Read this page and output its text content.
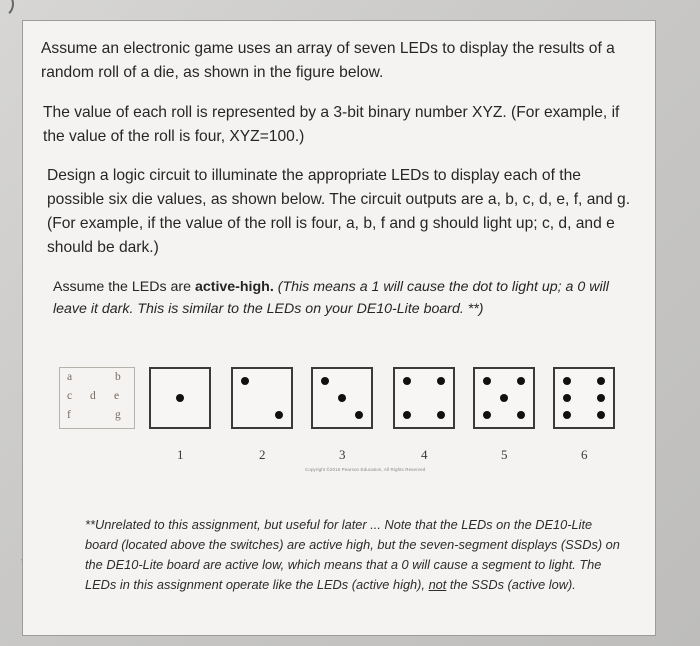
Assume an electronic game uses an array of seven LEDs to display the results of a random roll of a die, as shown in the figure below.

The value of each roll is represented by a 3-bit binary number XYZ. (For example, if the value of the roll is four, XYZ=100.)

Design a logic circuit to illuminate the appropriate LEDs to display each of the possible six die values, as shown below. The circuit outputs are a, b, c, d, e, f, and g. (For example, if the value of the roll is four, a, b, f and g should light up; c, d, and e should be dark.)

Assume the LEDs are active-high. (This means a 1 will cause the dot to light up; a 0 will leave it dark. This is similar to the LEDs on your DE10-Lite board. **)

a	b
c d e
f	g
1	2	3	4	5	6
Copyright ©2016 Pearson Education, All Rights Reserved

**Unrelated to this assignment, but useful for later ... Note that the LEDs on the DE10-Lite board (located above the switches) are active high, but the seven-segment displays (SSDs) on the DE10-Lite board are active low, which means that a 0 will cause a segment to light. The LEDs in this assignment operate like the LEDs (active high), not the SSDs (active low).
